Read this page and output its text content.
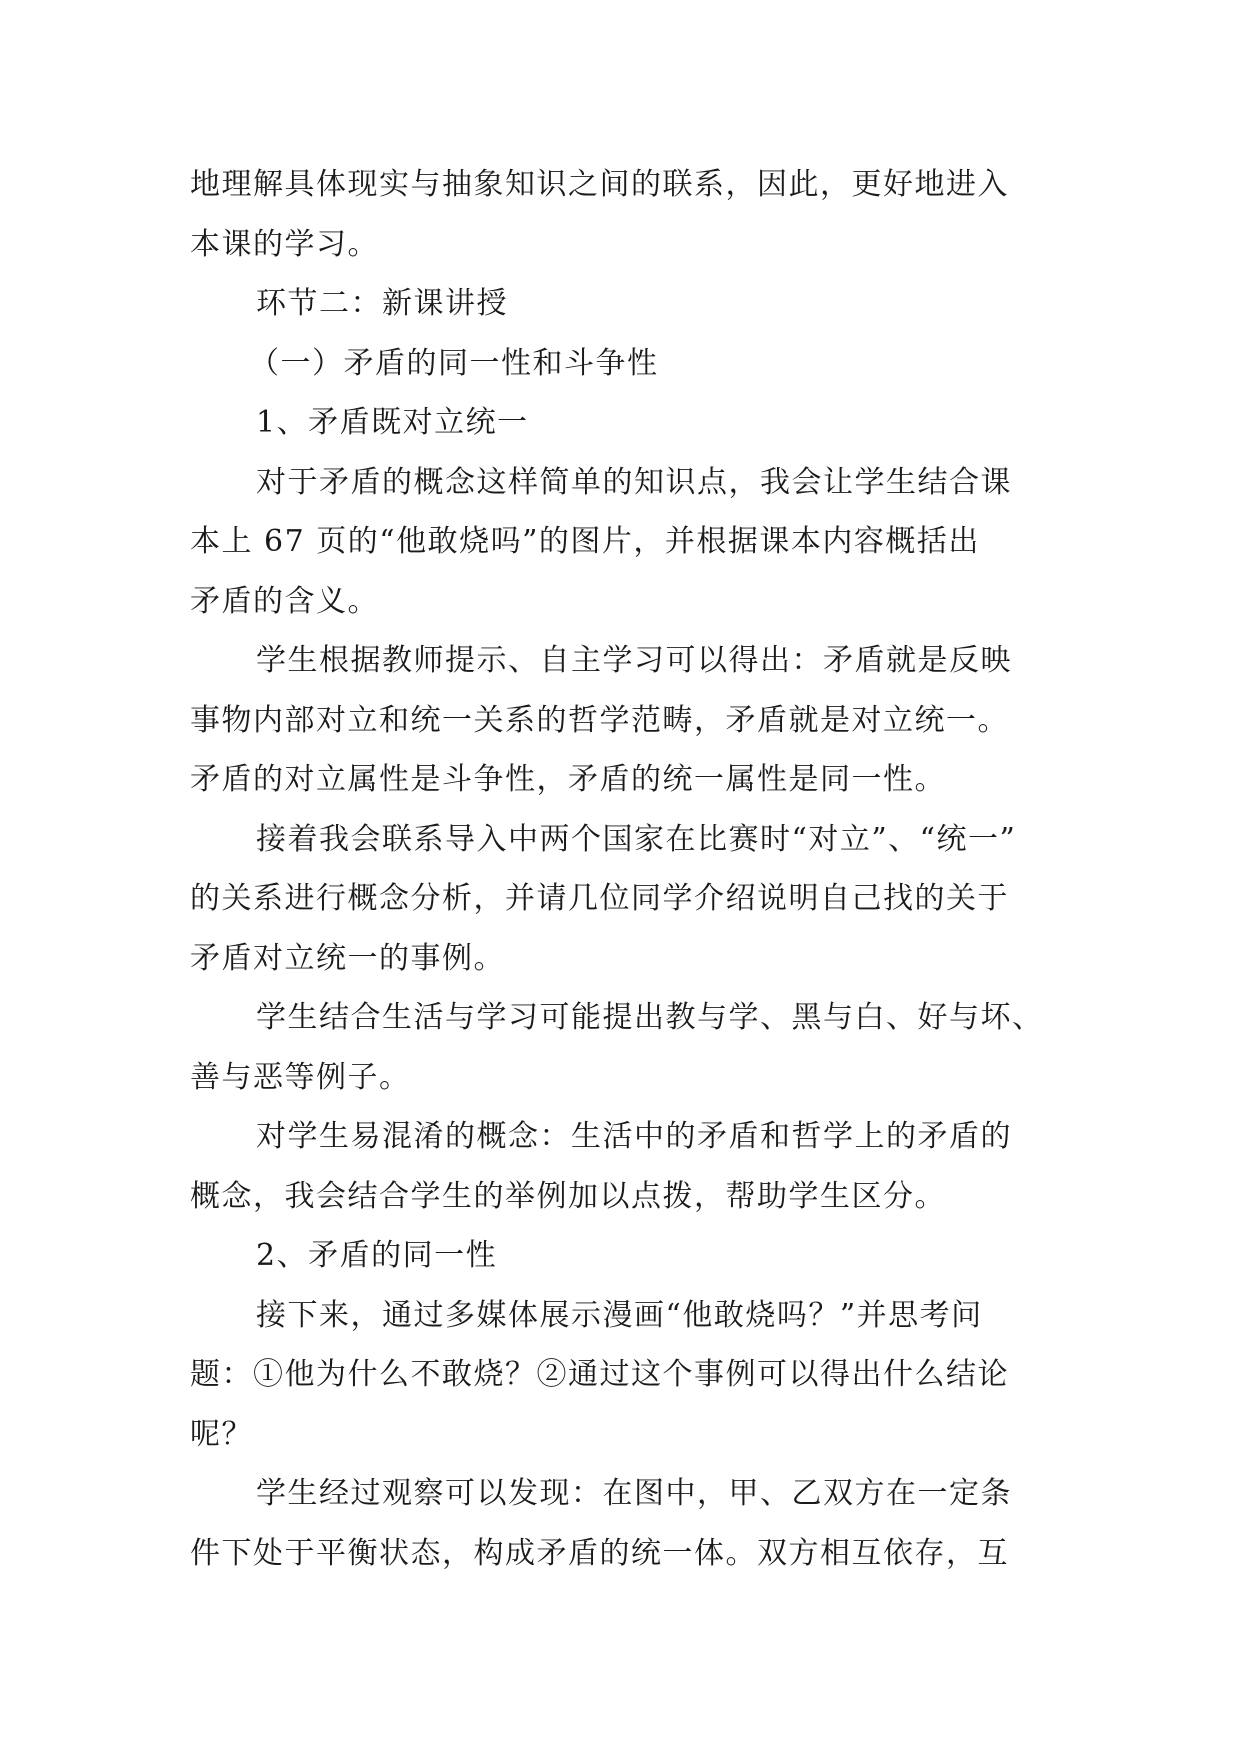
地理解具体现实与抽象知识之间的联系，因此，更好地进入
本课的学习。
环节二：新课讲授
（一）矛盾的同一性和斗争性
1、矛盾既对立统一
对于矛盾的概念这样简单的知识点，我会让学生结合课
本上 67 页的“他敢烧吗”的图片，并根据课本内容概括出
矛盾的含义。
学生根据教师提示、自主学习可以得出：矛盾就是反映
事物内部对立和统一关系的哲学范畴，矛盾就是对立统一。
矛盾的对立属性是斗争性，矛盾的统一属性是同一性。
接着我会联系导入中两个国家在比赛时“对立”、“统一”
的关系进行概念分析，并请几位同学介绍说明自己找的关于
矛盾对立统一的事例。
学生结合生活与学习可能提出教与学、黑与白、好与坏、
善与恶等例子。
对学生易混淆的概念：生活中的矛盾和哲学上的矛盾的
概念，我会结合学生的举例加以点拨，帮助学生区分。
2、矛盾的同一性
接下来，通过多媒体展示漫画“他敢烧吗？”并思考问
题：①他为什么不敢烧？②通过这个事例可以得出什么结论
呢？
学生经过观察可以发现：在图中，甲、乙双方在一定条
件下处于平衡状态，构成矛盾的统一体。双方相互依存，互
